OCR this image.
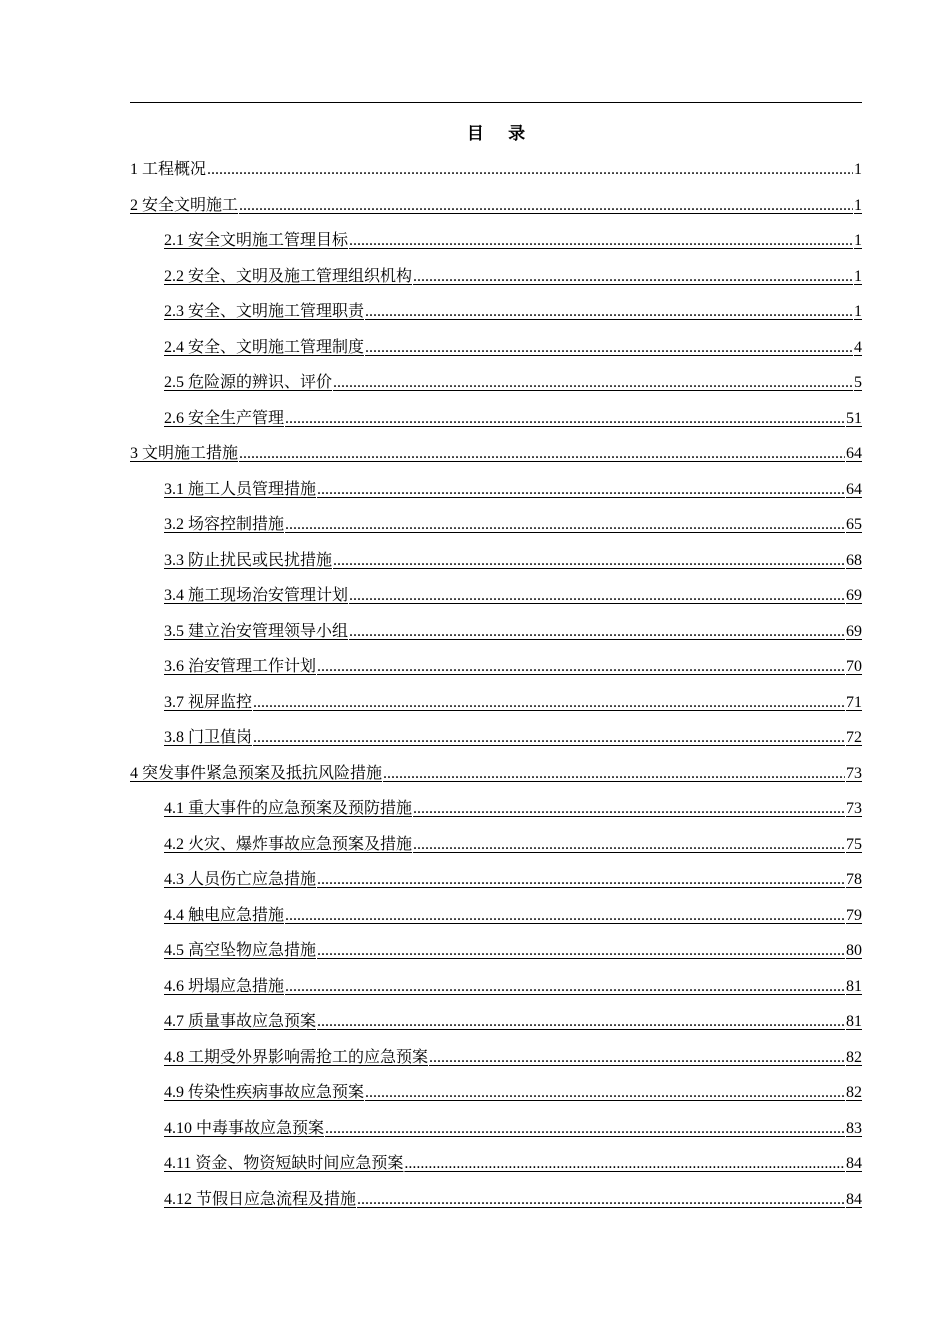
目 录
1 工程概况 .....	1
2 安全文明施工 .....	1
2.1 安全文明施工管理目标 .....	1
2.2 安全、文明及施工管理组织机构 .....	1
2.3 安全、文明施工管理职责 .....	1
2.4 安全、文明施工管理制度 .....	4
2.5 危险源的辨识、评价 .....	5
2.6 安全生产管理 .....	51
3 文明施工措施 .....	64
3.1 施工人员管理措施 .....	64
3.2 场容控制措施 .....	65
3.3 防止扰民或民扰措施 .....	68
3.4 施工现场治安管理计划 .....	69
3.5 建立治安管理领导小组 .....	69
3.6 治安管理工作计划 .....	70
3.7 视屏监控 .....	71
3.8 门卫值岗 .....	72
4 突发事件紧急预案及抵抗风险措施 .....	73
4.1 重大事件的应急预案及预防措施 .....	73
4.2 火灾、爆炸事故应急预案及措施 .....	75
4.3 人员伤亡应急措施 .....	78
4.4 触电应急措施 .....	79
4.5 高空坠物应急措施 .....	80
4.6 坍塌应急措施 .....	81
4.7 质量事故应急预案 .....	81
4.8 工期受外界影响需抢工的应急预案 .....	82
4.9 传染性疾病事故应急预案 .....	82
4.10 中毒事故应急预案 .....	83
4.11 资金、物资短缺时间应急预案 .....	84
4.12 节假日应急流程及措施 .....	84
